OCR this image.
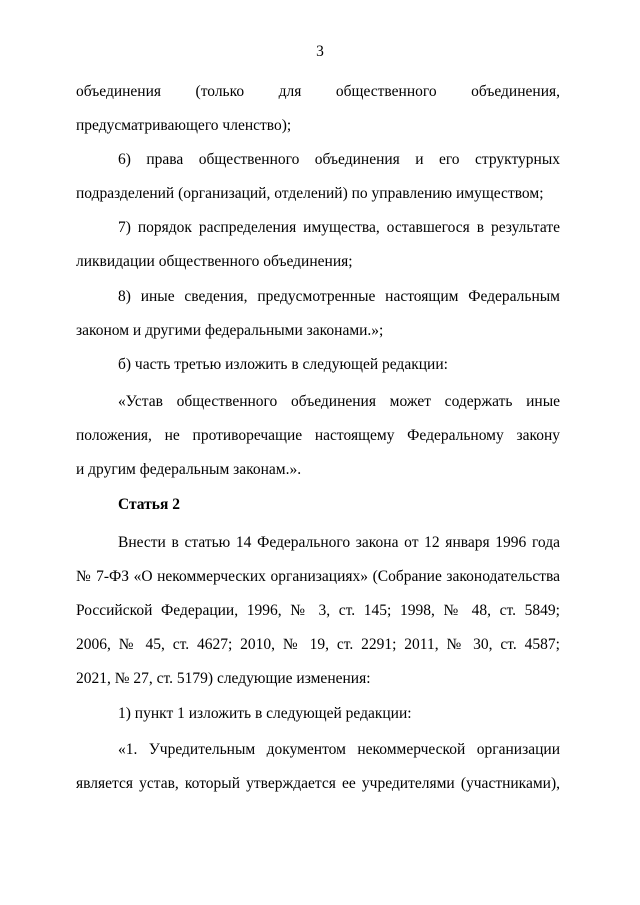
3
объединения (только для общественного объединения,
предусматривающего членство);
6) права общественного объединения и его структурных
подразделений (организаций, отделений) по управлению имуществом;
7) порядок распределения имущества, оставшегося в результате
ликвидации общественного объединения;
8) иные сведения, предусмотренные настоящим Федеральным
законом и другими федеральными законами.»;
б) часть третью изложить в следующей редакции:
«Устав общественного объединения может содержать иные
положения, не противоречащие настоящему Федеральному закону
и другим федеральным законам.».
Статья 2
Внести в статью 14 Федерального закона от 12 января 1996 года
№ 7-ФЗ «О некоммерческих организациях» (Собрание законодательства
Российской Федерации, 1996, № 3, ст. 145; 1998, № 48, ст. 5849;
2006, № 45, ст. 4627; 2010, № 19, ст. 2291; 2011, № 30, ст. 4587;
2021, № 27, ст. 5179) следующие изменения:
1) пункт 1 изложить в следующей редакции:
«1. Учредительным документом некоммерческой организации
является устав, который утверждается ее учредителями (участниками),
